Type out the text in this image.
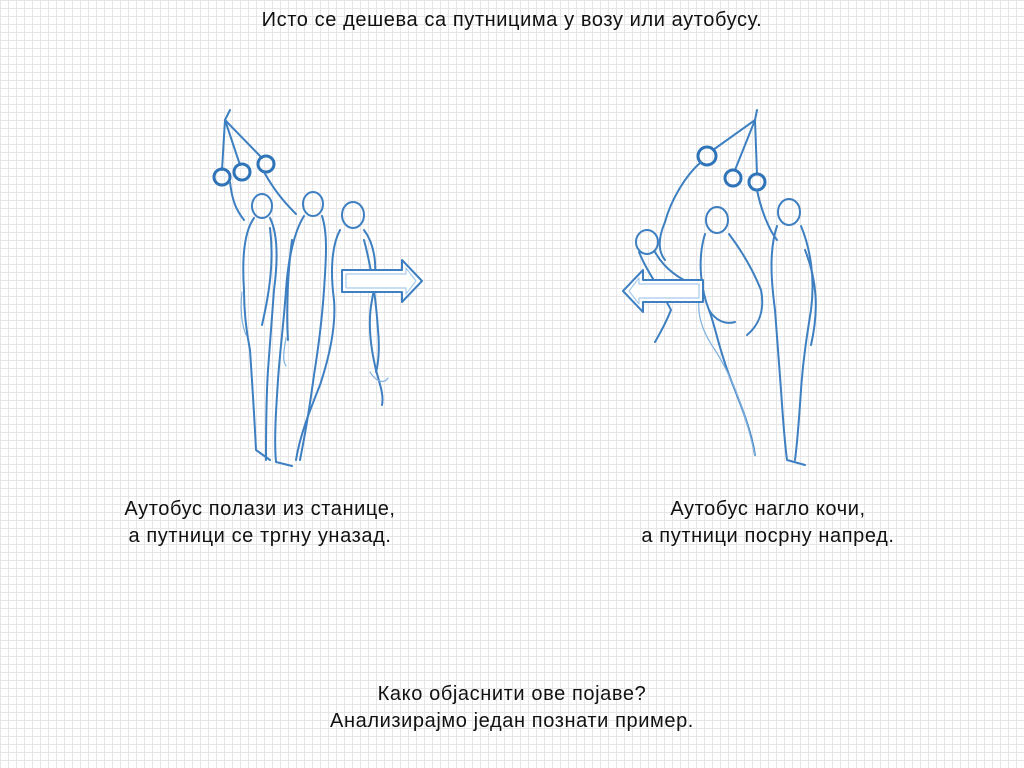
Исто се дешева са путницима у возу или аутобусу.
Аутобус полази из станице,
а путници се тргну уназад.
Аутобус нагло кочи,
а путници посрну напред.
Како објаснити ове појаве?
Анализирајмо један познати пример.
